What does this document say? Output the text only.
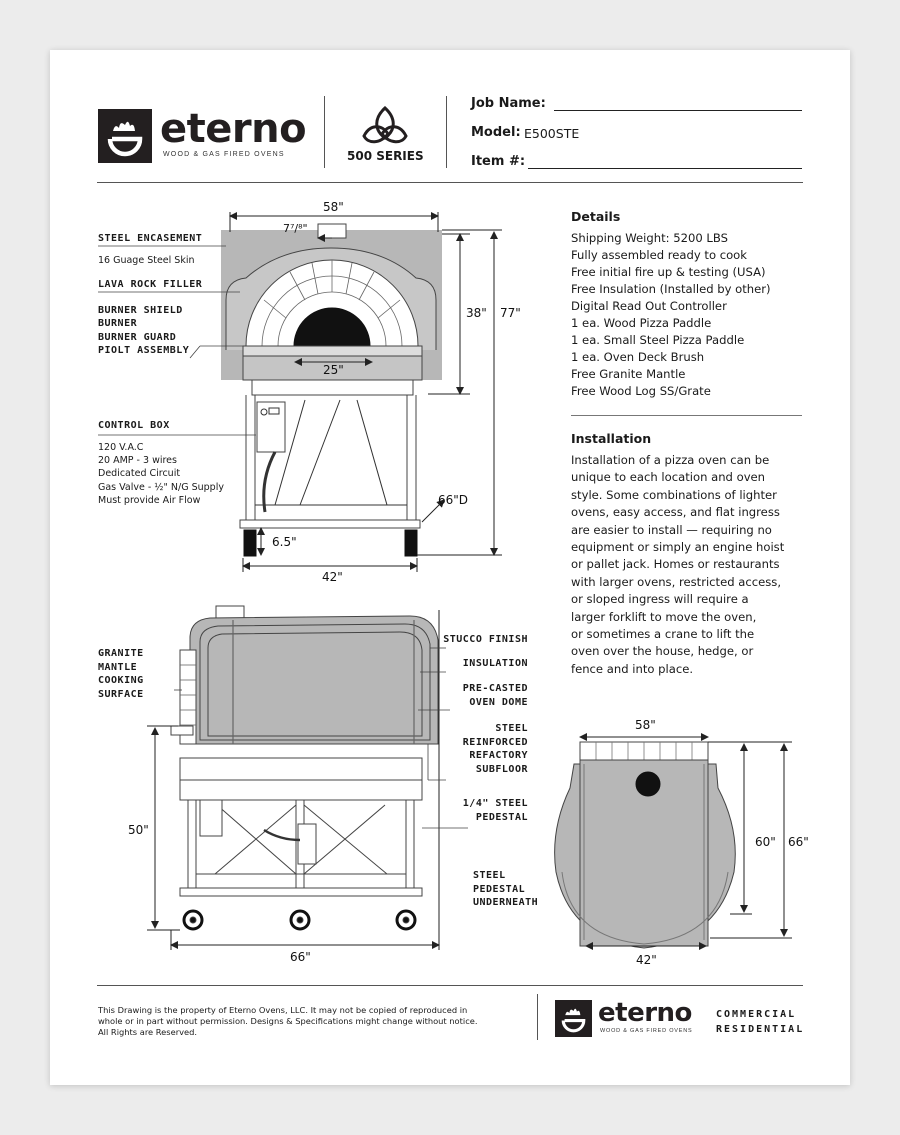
eterno
WOOD & GAS FIRED OVENS	500 SERIES
Job Name:
Model: E500STE
Item #:
STEEL ENCASEMENT
16 Guage Steel Skin
LAVA ROCK FILLER
BURNER SHIELD
BURNER
BURNER GUARD
PIOLT ASSEMBLY
CONTROL BOX
120 V.A.C
20 AMP - 3 wires
Dedicated Circuit
Gas Valve - ½" N/G Supply
Must provide Air Flow
58"
7⁷/⁸"
25"
38" 77"
66"D
6.5"
42"
GRANITE
MANTLE
COOKING
SURFACE
STUCCO FINISH
INSULATION
PRE-CASTED
OVEN DOME
STEEL
REINFORCED
REFACTORY
SUBFLOOR
1/4" STEEL
PEDESTAL
50"
66"
STEEL
PEDESTAL
UNDERNEATH
58"
60" 66"
42"
Details
Shipping Weight: 5200 LBS
Fully assembled ready to cook
Free initial fire up & testing (USA)
Free Insulation (Installed by other)
Digital Read Out Controller
1 ea. Wood Pizza Paddle
1 ea. Small Steel Pizza Paddle
1 ea. Oven Deck Brush
Free Granite Mantle
Free Wood Log SS/Grate
Installation
Installation of a pizza oven can be
unique to each location and oven
style. Some combinations of lighter
ovens, easy access, and flat ingress
are easier to install — requiring no
equipment or simply an engine hoist
or pallet jack. Homes or restaurants
with larger ovens, restricted access,
or sloped ingress will require a
larger forklift to move the oven,
or sometimes a crane to lift the
oven over the house, hedge, or
fence and into place.
This Drawing is the property of Eterno Ovens, LLC. It may not be copied of reproduced in
whole or in part without permission. Designs & Specifications might change without notice.
All Rights are Reserved.
eterno
WOOD & GAS FIRED OVENS
COMMERCIAL
RESIDENTIAL
